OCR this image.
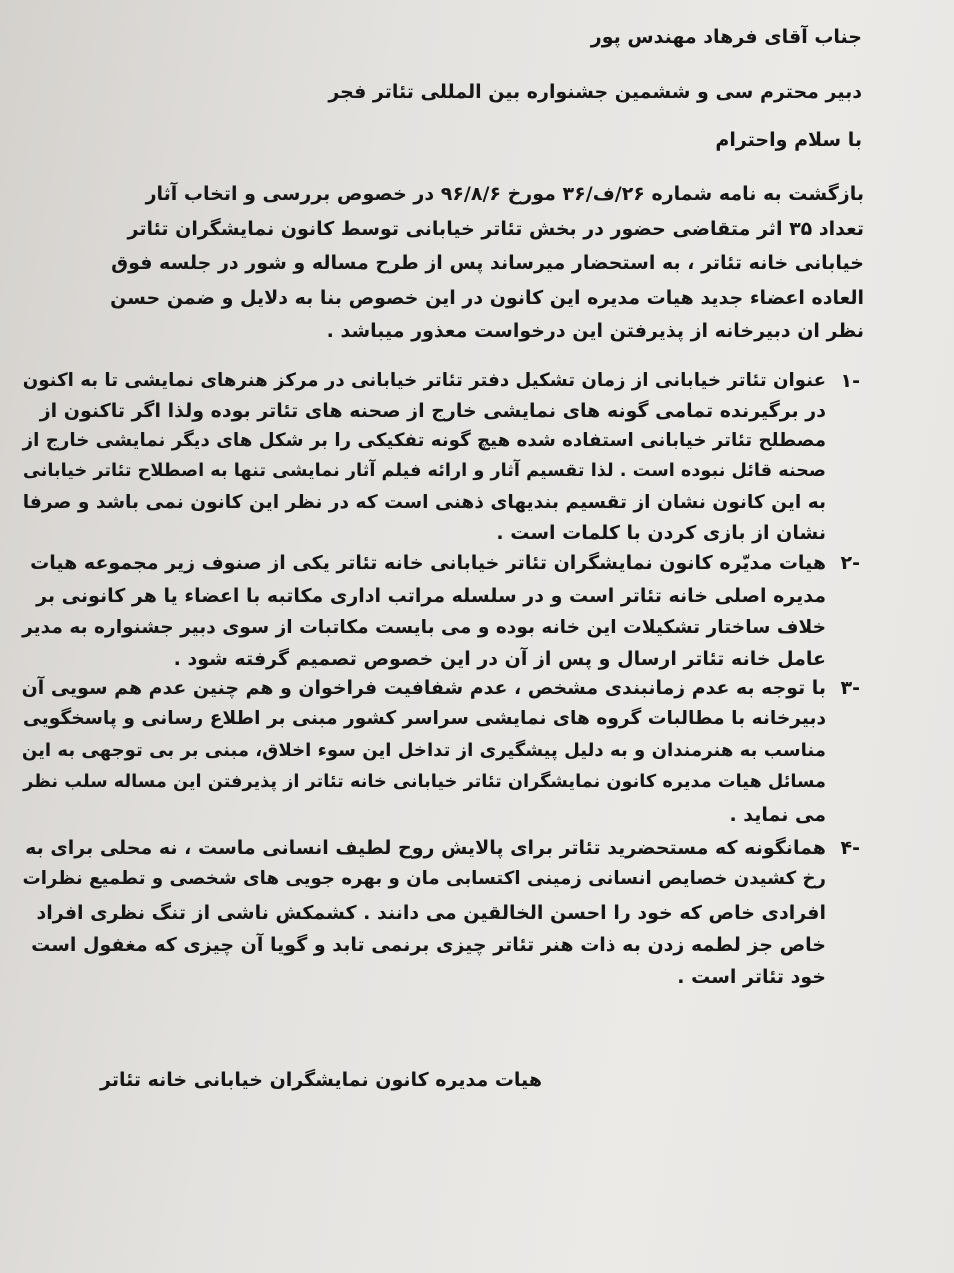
جناب آقای فرهاد مهندس پور
دبیر محترم سی و ششمین جشنواره بین المللی تئاتر فجر
با سلام واحترام
بازگشت به نامه شماره ۲۶/ف/۳۶ مورخ ۹۶/۸/۶ در خصوص بررسی و اتخاب آثار
تعداد ۳۵ اثر متقاضی حضور در بخش تئاتر خیابانی توسط کانون نمایشگران تئاتر
خیابانی خانه تئاتر ، به استحضار میرساند پس از طرح مساله و شور در جلسه فوق
العاده اعضاء جدید هیات مدیره این کانون در این خصوص بنا به دلایل و ضمن حسن
نظر ان دبیرخانه از پذیرفتن این درخواست معذور میباشد .
-۱
عنوان تئاتر خیابانی از زمان تشکیل دفتر تئاتر خیابانی در مرکز هنرهای نمایشی تا به اکنون
در برگیرنده تمامی گونه های نمایشی خارج از صحنه های تئاتر بوده ولذا اگر تاکنون از
مصطلح تئاتر خیابانی استفاده شده هیچ گونه تفکیکی را بر شکل های دیگر نمایشی خارج از
صحنه قائل نبوده است . لذا تقسیم آثار و ارائه فیلم آثار نمایشی تنها به اصطلاح تئاتر خیابانی
به این کانون نشان از تقسیم بندیهای ذهنی است که در نظر این کانون نمی باشد و صرفا
نشان از بازی کردن با کلمات است .
-۲
هیات مدیّره کانون نمایشگران تئاتر خیابانی خانه تئاتر یکی از صنوف زیر مجموعه هیات
مدیره اصلی خانه تئاتر است و در سلسله مراتب اداری مکاتبه با اعضاء یا هر کانونی بر
خلاف ساختار تشکیلات این خانه بوده و می بایست مکاتبات از سوی دبیر جشنواره به مدیر
عامل خانه تئاتر ارسال و پس از آن در این خصوص تصمیم گرفته شود .
-۳
با توجه به عدم زمانبندی مشخص ، عدم شفافیت فراخوان و هم چنین عدم هم سویی آن
دبیرخانه با مطالبات گروه های نمایشی سراسر کشور مبنی بر اطلاع رسانی و پاسخگویی
مناسب به هنرمندان و به دلیل پیشگیری از تداخل این سوء اخلاق، مبنی بر بی توجهی به این
مسائل هیات مدیره کانون نمایشگران تئاتر خیابانی خانه تئاتر از پذیرفتن این مساله سلب نظر
می نماید .
-۴
همانگونه که مستحضرید تئاتر برای پالایش روح لطیف انسانی ماست ، نه محلی برای به
رخ کشیدن خصایص انسانی زمینی اکتسابی مان و بهره جویی های شخصی و تطمیع نظرات
افرادی خاص که خود را احسن الخالقین می دانند . کشمکش ناشی از تنگ نظری افراد
خاص جز لطمه زدن به ذات هنر تئاتر چیزی برنمی تابد و گویا آن چیزی که مغفول است
خود تئاتر است .
هیات مدیره کانون نمایشگران خیابانی خانه تئاتر
